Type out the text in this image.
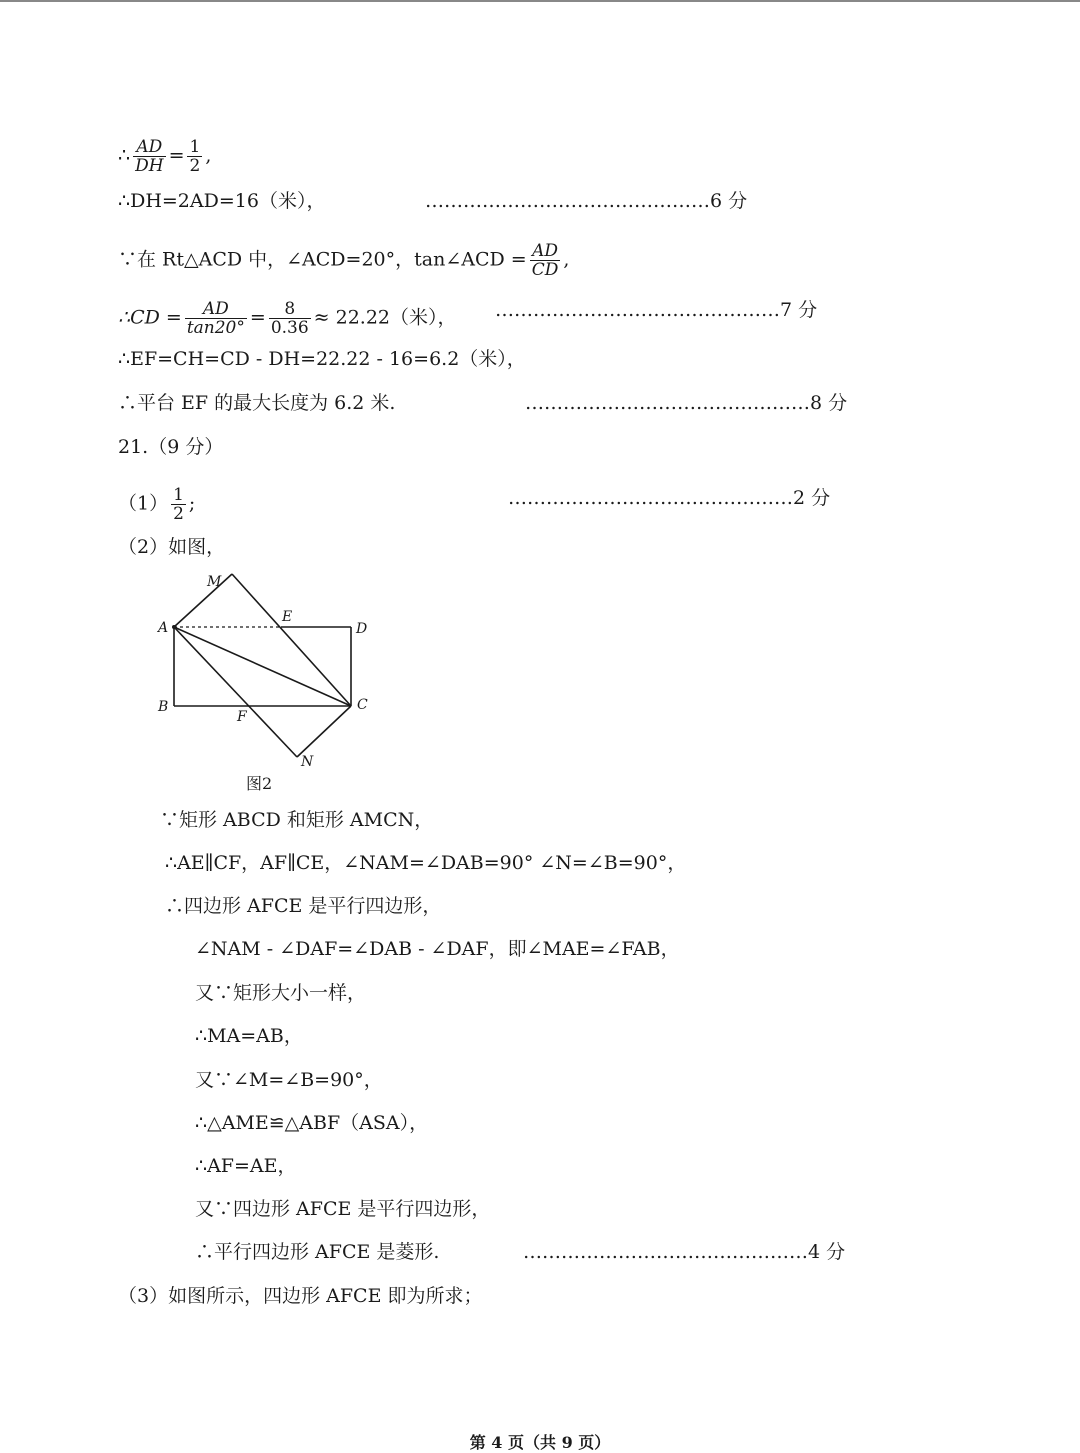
∴ $\frac{AD}{DH} = \frac{1}{2}$ ,
∴DH=2AD=16（米），	………………………………………6 分
∵在 Rt△ACD 中，∠ACD=20°，tan∠ACD = $\frac{AD}{CD}$ ,
∴CD = $\frac{AD}{\tan 20^\circ} = \frac{8}{0.36} \approx 22.22$（米）， ………………………………………7 分
∴EF=CH=CD - DH=22.22 - 16=6.2（米），
∴平台 EF 的最大长度为 6.2 米.	………………………………………8 分
21.（9 分）
$(1) \frac{1}{2}$ ;	………………………………………2 分
（2）如图，
M
A
E
D
B
F
C
N
图2
∵矩形 ABCD 和矩形 AMCN，
∴AE∥CF，AF∥CE，∠NAM=∠DAB=90° ∠N=∠B=90°，
∴四边形 AFCE 是平行四边形，
∠NAM - ∠DAF=∠DAB - ∠DAF，即∠MAE=∠FAB，
又∵矩形大小一样，
∴MA=AB，
又∵∠M=∠B=90°，
∴△AME≌△ABF（ASA），
∴AF=AE，
又∵四边形 AFCE 是平行四边形，
∴平行四边形 AFCE 是菱形.	………………………………………4 分
（3）如图所示，四边形 AFCE 即为所求；
第 4 页（共 9 页）
